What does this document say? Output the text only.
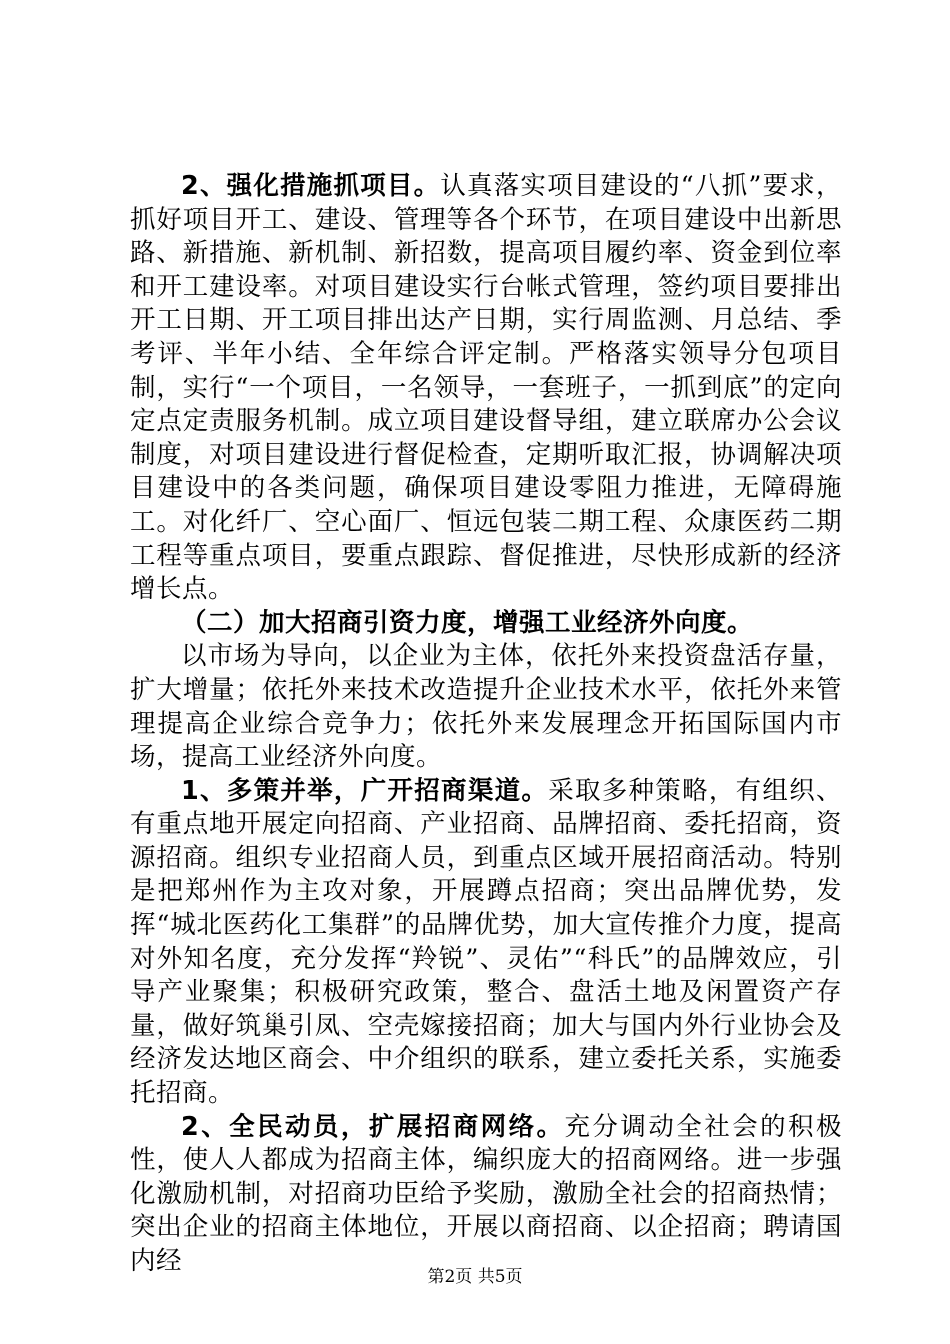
2、强化措施抓项目。认真落实项目建设的“八抓”要求，抓好项目开工、建设、管理等各个环节，在项目建设中出新思路、新措施、新机制、新招数，提高项目履约率、资金到位率和开工建设率。对项目建设实行台帐式管理，签约项目要排出开工日期、开工项目排出达产日期，实行周监测、月总结、季考评、半年小结、全年综合评定制。严格落实领导分包项目制，实行“一个项目，一名领导，一套班子，一抓到底”的定向定点定责服务机制。成立项目建设督导组，建立联席办公会议制度，对项目建设进行督促检查，定期听取汇报，协调解决项目建设中的各类问题，确保项目建设零阻力推进，无障碍施工。对化纤厂、空心面厂、恒远包装二期工程、众康医药二期工程等重点项目，要重点跟踪、督促推进，尽快形成新的经济增长点。

（二）加大招商引资力度，增强工业经济外向度。

以市场为导向，以企业为主体，依托外来投资盘活存量，扩大增量；依托外来技术改造提升企业技术水平，依托外来管理提高企业综合竞争力；依托外来发展理念开拓国际国内市场，提高工业经济外向度。

1、多策并举，广开招商渠道。采取多种策略，有组织、有重点地开展定向招商、产业招商、品牌招商、委托招商，资源招商。组织专业招商人员，到重点区域开展招商活动。特别是把郑州作为主攻对象，开展蹲点招商；突出品牌优势，发挥“城北医药化工集群”的品牌优势，加大宣传推介力度，提高对外知名度，充分发挥“羚锐”、灵佑”“科氏”的品牌效应，引导产业聚集；积极研究政策，整合、盘活土地及闲置资产存量，做好筑巢引凤、空壳嫁接招商；加大与国内外行业协会及经济发达地区商会、中介组织的联系，建立委托关系，实施委托招商。

2、全民动员，扩展招商网络。充分调动全社会的积极性，使人人都成为招商主体，编织庞大的招商网络。进一步强化激励机制，对招商功臣给予奖励，激励全社会的招商热情；突出企业的招商主体地位，开展以商招商、以企招商；聘请国内经

第2页 共5页
